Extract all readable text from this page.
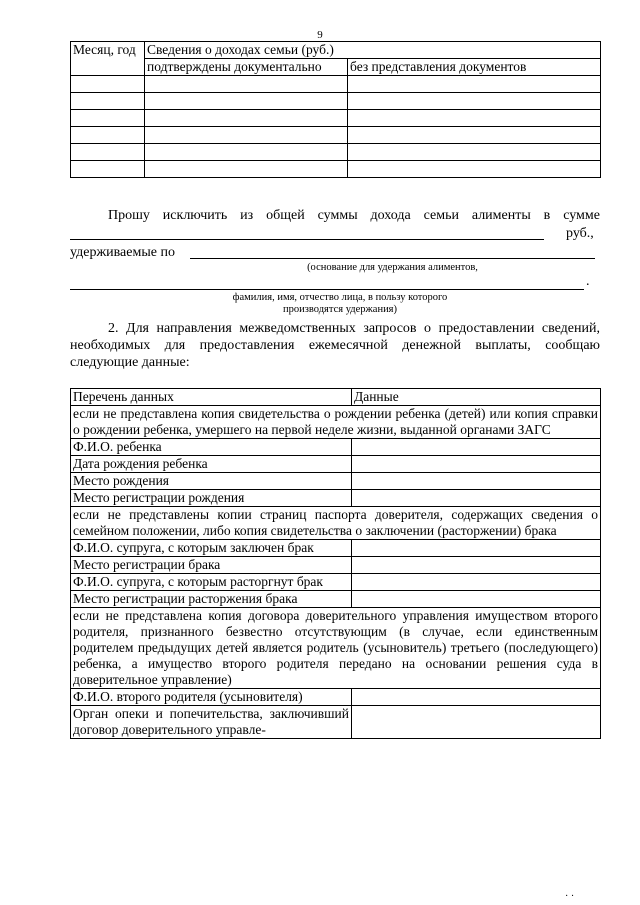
9
Месяц, год	Сведения о доходах семьи (руб.)	
	подтверждены документально	без представления документов

Прошу исключить из общей суммы дохода семьи алименты в сумме
руб.,
удерживаемые по
(основание для удержания алиментов,
.
фамилия, имя, отчество лица, в пользу которого
производятся удержания)
2. Для направления межведомственных запросов о предоставлении сведений, необходимых для предоставления ежемесячной денежной выплаты, сообщаю следующие данные:
Перечень данных	Данные
если не представлена копия свидетельства о рождении ребенка (детей) или копия справки о рождении ребенка, умершего на первой неделе жизни, выданной органами ЗАГС	
Ф.И.О. ребенка	
Дата рождения ребенка	
Место рождения	
Место регистрации рождения	
если не представлены копии страниц паспорта доверителя, содержащих сведения о семейном положении, либо копия свидетельства о заключении (расторжении) брака	
Ф.И.О. супруга, с которым заключен брак	
Место регистрации брака	
Ф.И.О. супруга, с которым расторгнут брак	
Место регистрации расторжения брака	
если не представлена копия договора доверительного управления имуществом второго родителя, признанного безвестно отсутствующим (в случае, если единственным родителем предыдущих детей является родитель (усыновитель) третьего (последующего) ребенка, а имущество второго родителя передано на основании решения суда в доверительное управление)	
Ф.И.О. второго родителя (усыновителя)	
Орган опеки и попечительства, заключивший договор доверительного управле-	
· ·
